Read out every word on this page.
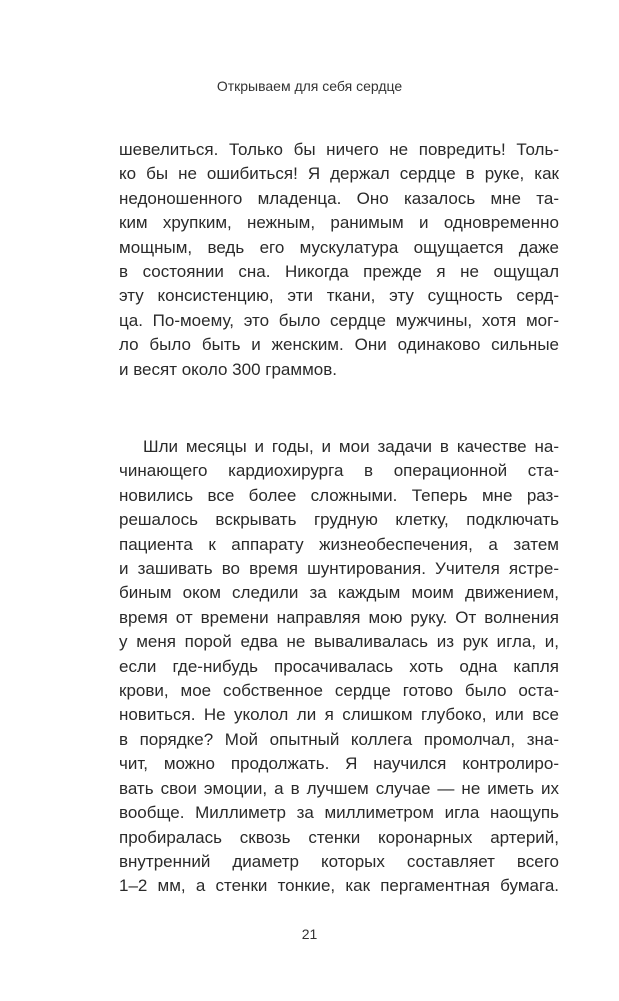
Открываем для себя сердце
шевелиться. Только бы ничего не повредить! Толь-
ко бы не ошибиться! Я держал сердце в руке, как
недоношенного младенца. Оно казалось мне та-
ким хрупким, нежным, ранимым и одновременно
мощным, ведь его мускулатура ощущается даже
в состоянии сна. Никогда прежде я не ощущал
эту консистенцию, эти ткани, эту сущность серд-
ца. По-моему, это было сердце мужчины, хотя мог-
ло было быть и женским. Они одинаково сильные
и весят около 300 граммов.
Шли месяцы и годы, и мои задачи в качестве на-
чинающего кардиохирурга в операционной ста-
новились все более сложными. Теперь мне раз-
решалось вскрывать грудную клетку, подключать
пациента к аппарату жизнеобеспечения, а затем
и зашивать во время шунтирования. Учителя ястре-
биным оком следили за каждым моим движением,
время от времени направляя мою руку. От волнения
у меня порой едва не вываливалась из рук игла, и,
если где-нибудь просачивалась хоть одна капля
крови, мое собственное сердце готово было оста-
новиться. Не уколол ли я слишком глубоко, или все
в порядке? Мой опытный коллега промолчал, зна-
чит, можно продолжать. Я научился контролиро-
вать свои эмоции, а в лучшем случае — не иметь их
вообще. Миллиметр за миллиметром игла наощупь
пробиралась сквозь стенки коронарных артерий,
внутренний диаметр которых составляет всего
1–2 мм, а стенки тонкие, как пергаментная бумага.
21
